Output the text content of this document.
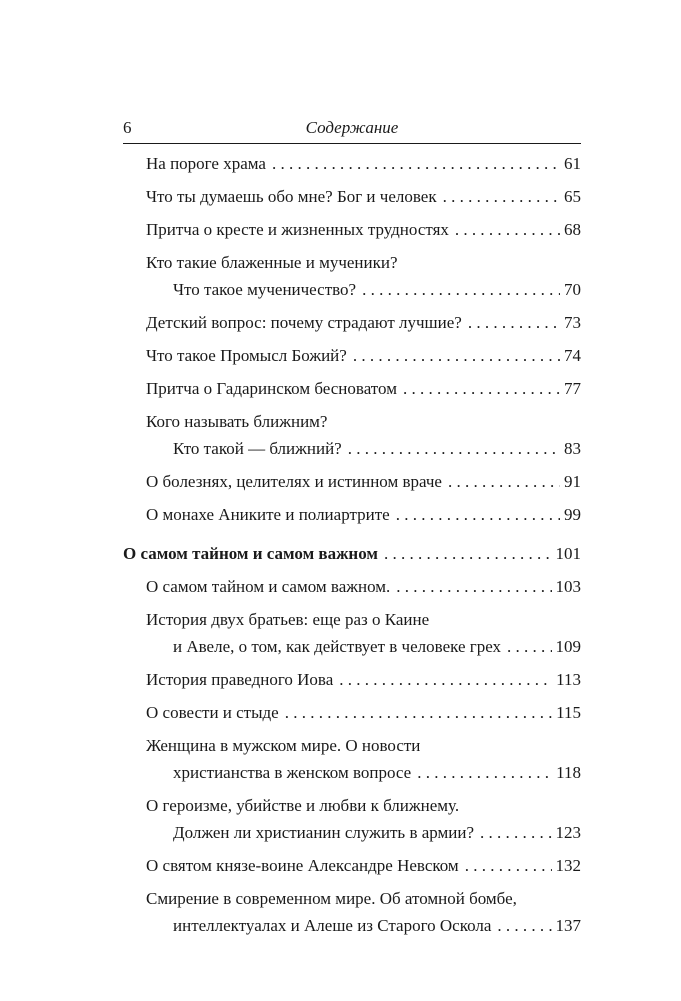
6	Содержание
На пороге храма . . .	61
Что ты думаешь обо мне? Бог и человек . . .	65
Притча о кресте и жизненных трудностях . . .	68
Кто такие блаженные и мученики?
Что такое мученичество? . . .	70
Детский вопрос: почему страдают лучшие? . . .	73
Что такое Промысл Божий? . . .	74
Притча о Гадаринском бесноватом . . .	77
Кого называть ближним?
Кто такой — ближний? . . .	83
О болезнях, целителях и истинном враче . . .	91
О монахе Аниките и полиартрите . . .	99
О самом тайном и самом важном . . .	101
О самом тайном и самом важном. . . .	103
История двух братьев: еще раз о Каине
и Авеле, о том, как действует в человеке грех . . .	109
История праведного Иова . . .	113
О совести и стыде . . .	115
Женщина в мужском мире. О новости
христианства в женском вопросе . . .	118
О героизме, убийстве и любви к ближнему.
Должен ли христианин служить в армии? . . .	123
О святом князе-воине Александре Невском . . .	132
Смирение в современном мире. Об атомной бомбе,
интеллектуалах и Алеше из Старого Оскола . . .	137
